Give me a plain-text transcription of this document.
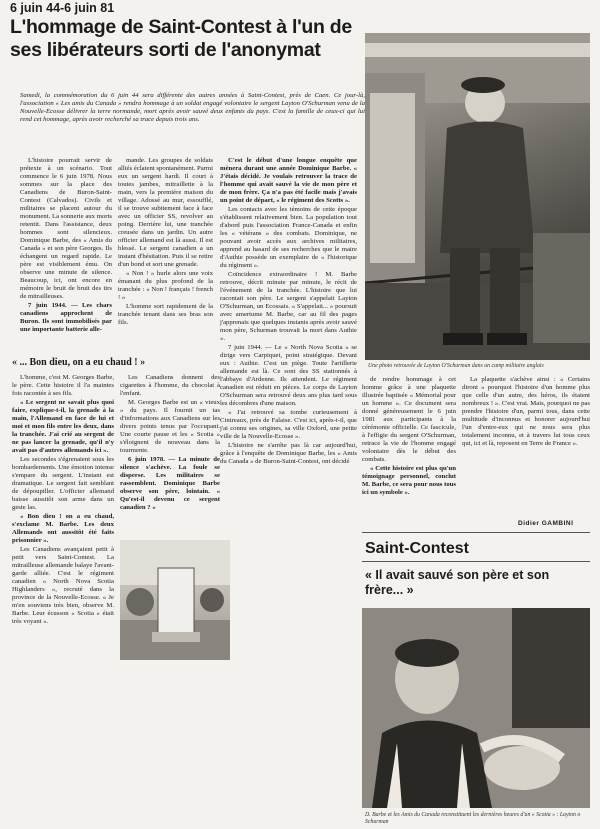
6 juin 44-6 juin 81
L'hommage de Saint-Contest à l'un de ses libérateurs sorti de l'anonymat
Samedi, la commémoration du 6 juin 44 sera différente des autres années à Saint-Contest, près de Caen. Ce jour-là, l'association « Les amis du Canada » rendra hommage à un soldat engagé volontaire le sergent Layton O'Schurman venu de la Nouvelle-Ecosse délivrer la terre normande, mort après avoir sauvé deux enfants du pays. C'est la famille de ceux-ci qui lui rend cet hommage, après avoir recherché sa trace depuis trois ans.
Une photo retrouvée de Layton O'Schurman dans un camp militaire anglais

L'histoire pourrait servir de prétexte à un scénario. Tout commence le 6 juin 1978. Nous sommes sur la place des Canadiens de Buron-Saint-Contest (Calvados). Civils et militaires se placent autour du monument. La sonnerie aux morts retentit. Dans l'assistance, deux hommes sont silencieux. Dominique Barbe, des « Amis du Canada » et son père Georges. Ils échangent un regard rapide. Le père est visiblement ému. On observe une minute de silence. Beaucoup, ici, ont encore en mémoire le bruit de bruit des tirs de mitrailleuses.

7 juin 1944. — Les chars canadiens approchent de Buron. Ils sont immobilisés par une importante batterie alle-

mande. Les groupes de soldats alliés éclatent spontanément. Parmi eux un sergent hardi. Il court à toutes jambes, mitraillette à la main, vers la première maison du village. Adossé au mur, essoufflé, il se trouve subitement face à face avec un officier SS, revolver au poing. Derrière lui, une tranchée creusée dans un jardin. Un autre officier allemand est là aussi. Il est blessé. Le sergent canadien a un instant d'hésitation. Puis il se retire d'un bond et sort une grenade.

« Non ! » hurle alors une voix émanant du plus profond de la tranchée : « Non ! français ! french ! »

L'homme sort rapidement de la tranchée tenant dans ses bras son fils.

C'est le début d'une longue enquête que mènera durant une année Dominique Barbe. « J'étais décidé. Je voulais retrouver la trace de l'homme qui avait sauvé la vie de mon père et de mon frère. Ça n'a pas été facile mais j'avais un point de départ, « le régiment des Scotts ».

Les contacts avec les témoins de cette époque s'établissent relativement bien. La population tout d'abord puis l'association France-Canada et enfin les « vétérans » des combats. Dominique, ne pouvant avoir accès aux archives militaires, apprend au hasard de ses recherches que le maire d'Authie possède un exemplaire de « l'historique du régiment ».

Coïncidence extraordinaire ! M. Barbe retrouve, décrit minute par minute, le récit de l'événement de la tranchée. L'histoire que lui racontait son père. Le sergent s'appelait Layton O'Schurman, un Ecossais. « S'appelait... » poursuit avec amertume M. Barbe, car au fil des pages j'apprenais que quelques instants après avoir sauvé mon père, Schurman trouvait la mort dans Authie ».

7 juin 1944. — Le « North Nova Scotia » se dirige vers Carpiquet, point stratégique. Devant eux : Authie. C'est un piège. Toute l'artillerie allemande est là. Ce sont des SS stationnés à l'abbaye d'Ardenne. Ils attendent. Le régiment canadien est réduit en pièces. Le corps de Layton O'Schurman sera retrouvé deux ans plus tard sous les décombres d'une maison.

« J'ai retrouvé sa tombe curieusement à Cintreaux, près de Falaise. C'est ici, après-t-il, que j'ai connu ses origines, sa ville Oxford, une petite ville de la Nouvelle-Ecosse ».

L'histoire ne s'arrête pas là car aujourd'hui, grâce à l'enquête de Dominique Barbe, les « Amis du Canada » de Buron-Saint-Contest, ont décidé

« ... Bon dieu, on a eu chaud ! »

L'homme, c'est M. Georges Barbe, le père. Cette histoire il l'a maintes fois racontée à ses fils.

« Le sergent ne savait plus quoi faire, explique-t-il, la grenade à la main, l'Allemand en face de lui et moi et mon fils entre les deux, dans la tranchée. J'ai crié au sergent de ne pas lancer la grenade, qu'il n'y avait pas d'autres allemands ici ».

Les secondes s'égrenaient sous les bombardements. Une émotion intense s'empare du sergent. L'instant est dramatique. Le sergent fait semblant de dépoupiller. L'officier allemand baisse aussitôt son arme dans un geste las.

« Bon dieu ! on a eu chaud, s'exclame M. Barbe. Les deux Allemands ont aussitôt été faits prisonnier ».

Les Canadiens avançaient petit à petit vers Saint-Contest. La mitrailleuse allemande balaye l'avant-garde alliée. C'est le régiment canadien « North Nova Scotia Highlanders », recruté dans la province de la Nouvelle-Ecosse. « Je m'en souviens très bien, observe M. Barbe. Leur écusson « Scotia » était très voyant ».

Les Canadiens donnent des cigarettes à l'homme, du chocolat à l'enfant.

M. Georges Barbe est un « vieux » du pays. Il fournit un tas d'informations aux Canadiens sur les divers points tenus par l'occupant. Une courte pause et les « Scotia » s'éloignent de nouveau dans la tourmente.

6 juin 1978. — La minute de silence s'achève. La foule se disperse. Les militaires se rassemblent. Dominique Barbe observe son père, lointain. « Qu'est-il devenu ce sergent canadien ? »

de rendre hommage à cet homme grâce à une plaquette illustrée baptisée « Mémorial pour un homme ». Ce document sera donné généreusement le 6 juin 1981 aux participants à la cérémonie officielle. Ce fascicule, à l'effigie du sergent O'Schurman, retrace la vie de l'homme engagé volontaire dès le début des combats.

« Cette histoire est plus qu'un témoignage personnel, conclut M. Barbe, ce sera pour nous tous ici un symbole ».

La plaquette s'achève ainsi : « Certains diront » pourquoi l'histoire d'un homme plus que celle d'un autre, des héros, ils étaient nombreux ! ». C'est vrai. Mais, pourquoi ne pas prendre l'histoire d'un, parmi tous, dans cette multitude d'inconnus et honorer aujourd'hui l'un d'entre-eux qui ne nous sera plus totalement inconnu, et à travers lui tous ceux qui, ici et là, reposent en Terre de France ».

Didier GAMBINI
Saint-Contest
« Il avait sauvé son père et son frère... »
D. Barbe et les Amis du Canada reconstituent les dernières heures d'un « Scotia » : Layton o Schurman
